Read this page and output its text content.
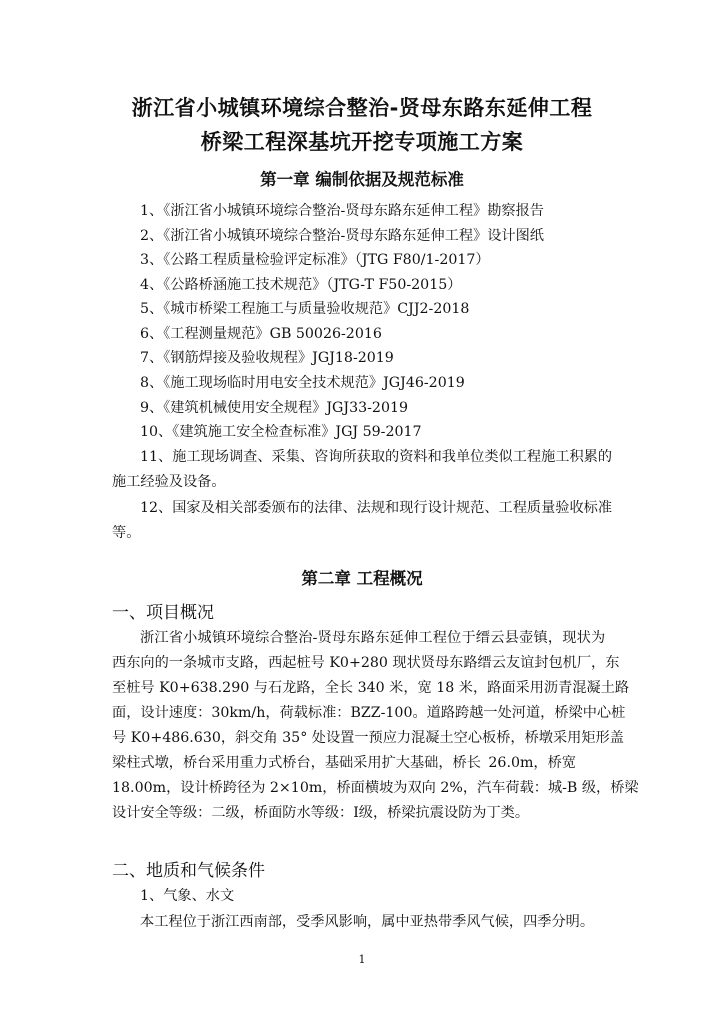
浙江省小城镇环境综合整治-贤母东路东延伸工程
桥梁工程深基坑开挖专项施工方案
第一章 编制依据及规范标准
1、《浙江省小城镇环境综合整治-贤母东路东延伸工程》勘察报告
2、《浙江省小城镇环境综合整治-贤母东路东延伸工程》设计图纸
3、《公路工程质量检验评定标准》（JTG F80/1-2017）
4、《公路桥涵施工技术规范》（JTG-T F50-2015）
5、《城市桥梁工程施工与质量验收规范》CJJ2-2018
6、《工程测量规范》GB 50026-2016
7、《钢筋焊接及验收规程》JGJ18-2019
8、《施工现场临时用电安全技术规范》JGJ46-2019
9、《建筑机械使用安全规程》JGJ33-2019
10、《建筑施工安全检查标准》JGJ 59-2017
11、施工现场调查、采集、咨询所获取的资料和我单位类似工程施工积累的
施工经验及设备。
12、国家及相关部委颁布的法律、法规和现行设计规范、工程质量验收标准
等。
第二章 工程概况
一、项目概况
浙江省小城镇环境综合整治-贤母东路东延伸工程位于缙云县壶镇，现状为
西东向的一条城市支路，西起桩号 K0+280 现状贤母东路缙云友谊封包机厂，东
至桩号 K0+638.290 与石龙路，全长 340 米，宽 18 米，路面采用沥青混凝土路
面，设计速度：30km/h，荷载标准：BZZ-100。道路跨越一处河道，桥梁中心桩
号 K0+486.630，斜交角 35° 处设置一预应力混凝土空心板桥，桥墩采用矩形盖
梁柱式墩，桥台采用重力式桥台，基础采用扩大基础，桥长 26.0m，桥宽
18.00m，设计桥跨径为 2×10m，桥面横坡为双向 2%，汽车荷载：城-B 级，桥梁
设计安全等级：二级，桥面防水等级：Ⅰ级，桥梁抗震设防为丁类。
二、地质和气候条件
1、气象、水文
本工程位于浙江西南部，受季风影响，属中亚热带季风气候，四季分明。
1
